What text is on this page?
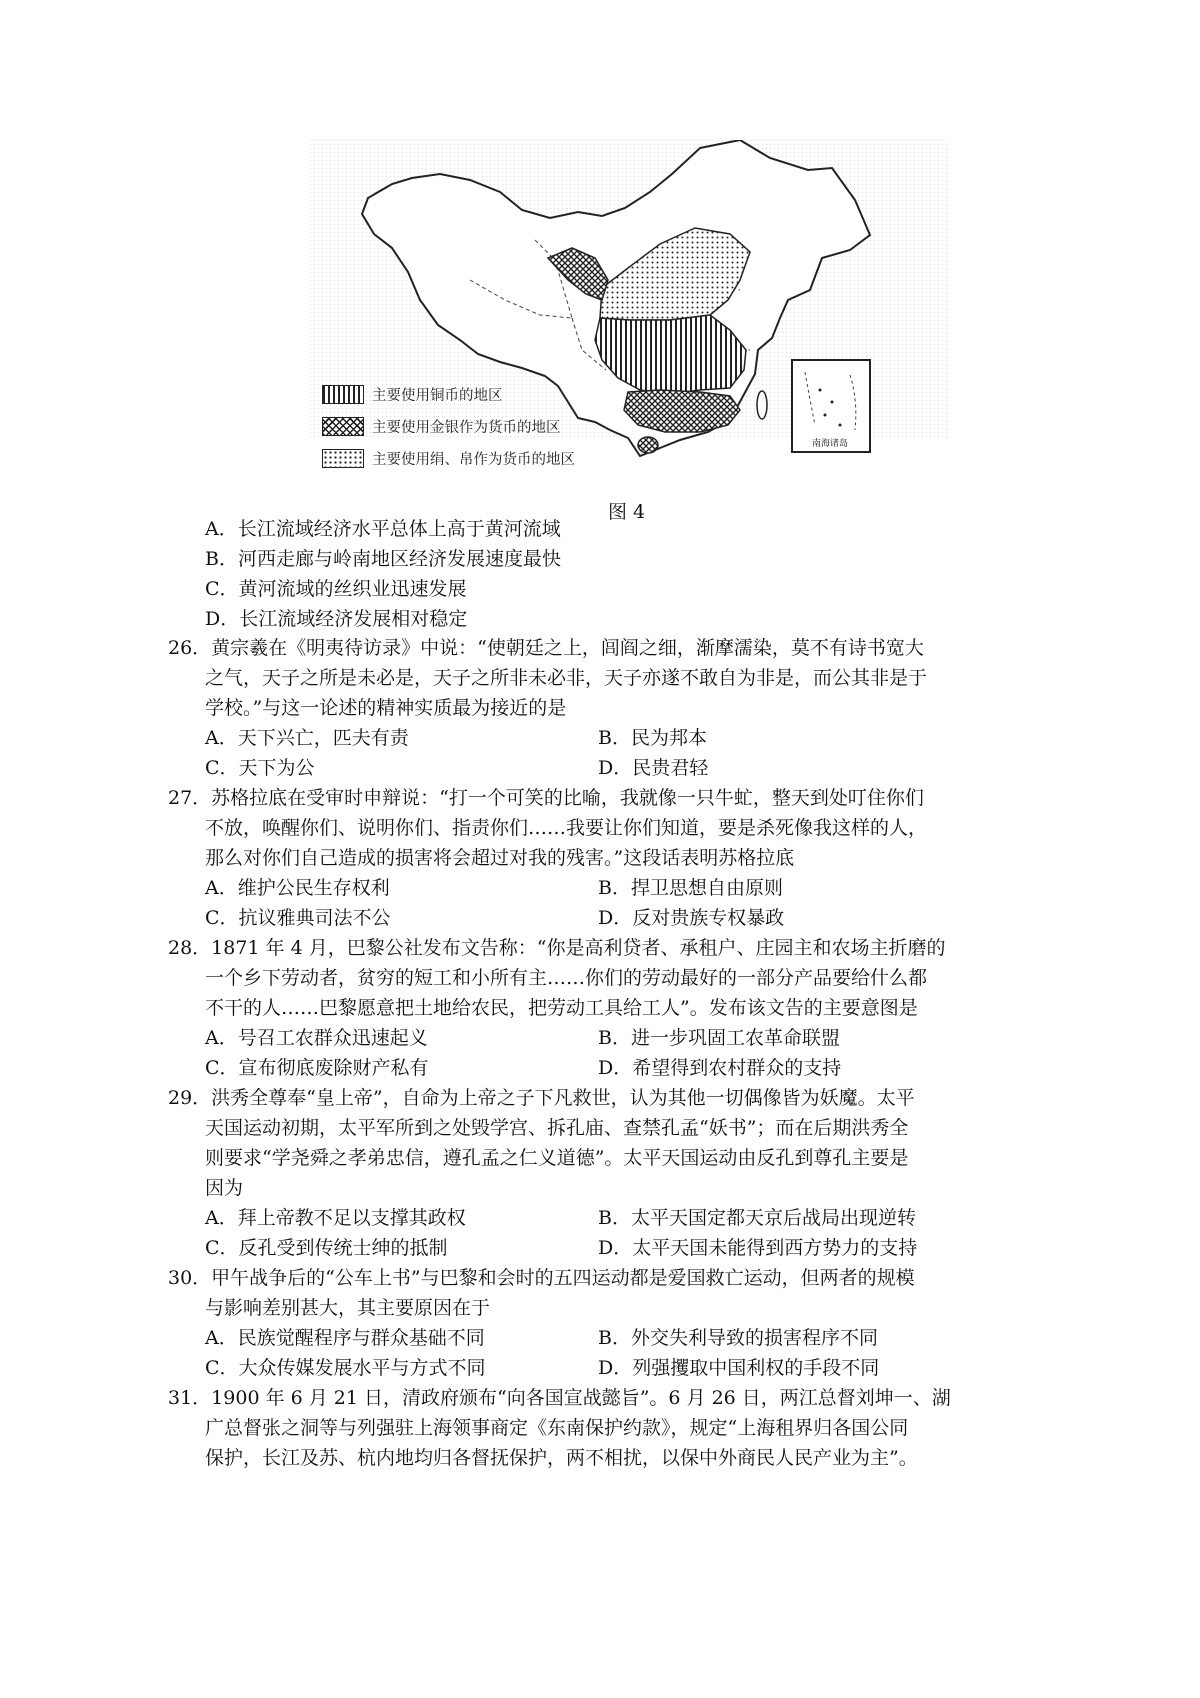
南海诸岛
主要使用铜币的地区
主要使用金银作为货币的地区
主要使用绢、帛作为货币的地区
图 4
A．长江流域经济水平总体上高于黄河流域
B．河西走廊与岭南地区经济发展速度最快
C．黄河流域的丝织业迅速发展
D．长江流域经济发展相对稳定
26．黄宗羲在《明夷待访录》中说：“使朝廷之上，闾阎之细，渐摩濡染，莫不有诗书宽大
之气，天子之所是未必是，天子之所非未必非，天子亦遂不敢自为非是，而公其非是于
学校。”与这一论述的精神实质最为接近的是
A．天下兴亡，匹夫有责	B．民为邦本
C．天下为公	D．民贵君轻
27．苏格拉底在受审时申辩说：“打一个可笑的比喻，我就像一只牛虻，整天到处叮住你们
不放，唤醒你们、说明你们、指责你们……我要让你们知道，要是杀死像我这样的人，
那么对你们自己造成的损害将会超过对我的残害。”这段话表明苏格拉底
A．维护公民生存权利	B．捍卫思想自由原则
C．抗议雅典司法不公	D．反对贵族专权暴政
28．1871 年 4 月，巴黎公社发布文告称：“你是高利贷者、承租户、庄园主和农场主折磨的
一个乡下劳动者，贫穷的短工和小所有主……你们的劳动最好的一部分产品要给什么都
不干的人……巴黎愿意把土地给农民，把劳动工具给工人”。发布该文告的主要意图是
A．号召工农群众迅速起义	B．进一步巩固工农革命联盟
C．宣布彻底废除财产私有	D．希望得到农村群众的支持
29．洪秀全尊奉“皇上帝”，自命为上帝之子下凡救世，认为其他一切偶像皆为妖魔。太平
天国运动初期，太平军所到之处毁学宫、拆孔庙、查禁孔孟“妖书”；而在后期洪秀全
则要求“学尧舜之孝弟忠信，遵孔孟之仁义道德”。太平天国运动由反孔到尊孔主要是
因为
A．拜上帝教不足以支撑其政权	B．太平天国定都天京后战局出现逆转
C．反孔受到传统士绅的抵制	D．太平天国未能得到西方势力的支持
30．甲午战争后的“公车上书”与巴黎和会时的五四运动都是爱国救亡运动，但两者的规模
与影响差别甚大，其主要原因在于
A．民族觉醒程序与群众基础不同	B．外交失利导致的损害程序不同
C．大众传媒发展水平与方式不同	D．列强攫取中国利权的手段不同
31．1900 年 6 月 21 日，清政府颁布“向各国宣战懿旨”。6 月 26 日，两江总督刘坤一、湖
广总督张之洞等与列强驻上海领事商定《东南保护约款》，规定“上海租界归各国公同
保护，长江及苏、杭内地均归各督抚保护，两不相扰，以保中外商民人民产业为主”。
